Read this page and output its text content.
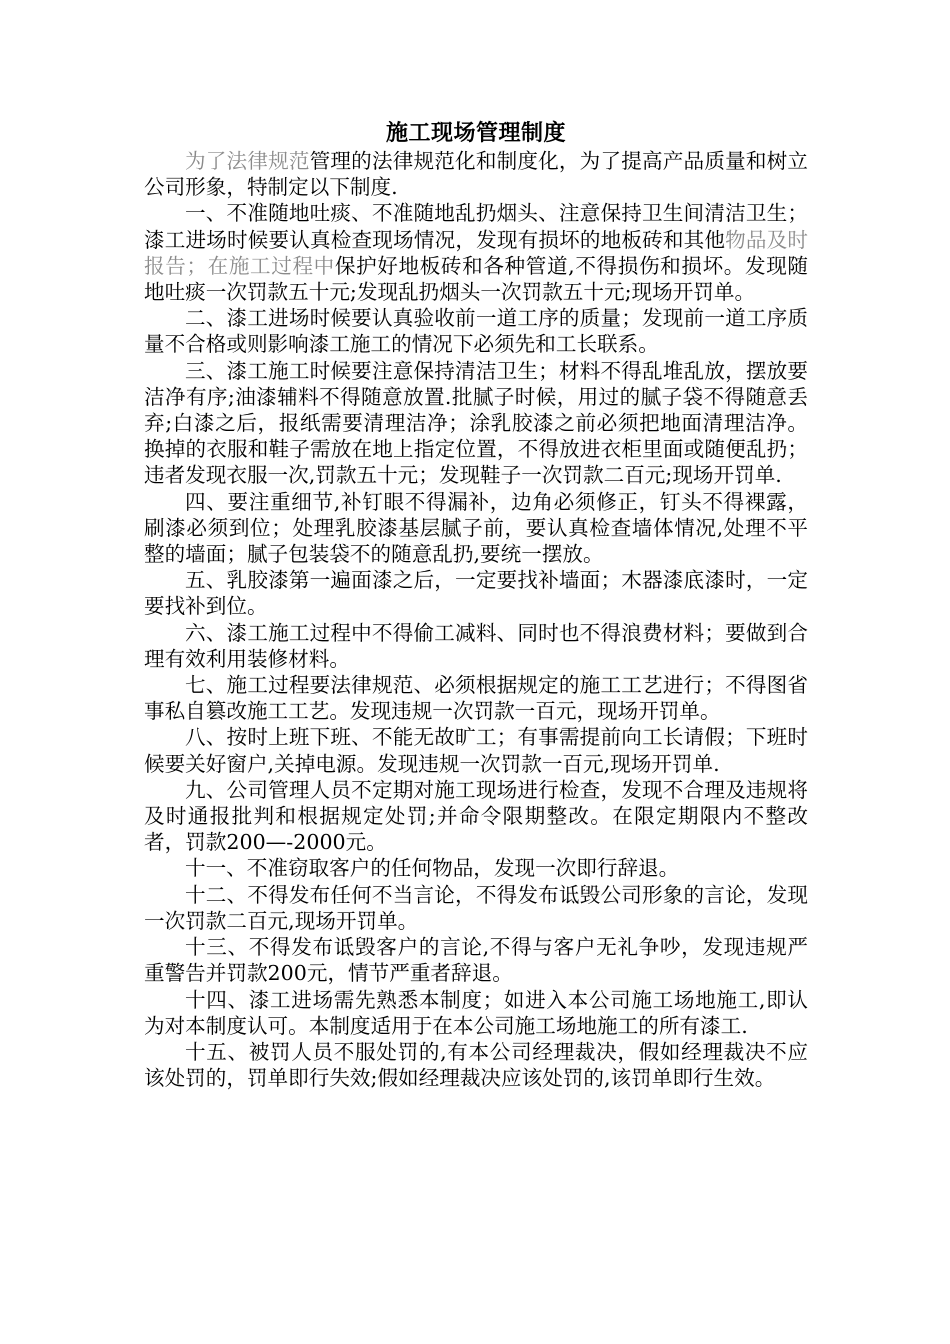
施工现场管理制度

为了法律规范管理的法律规范化和制度化，为了提高产品质量和树立公司形象，特制定以下制度.

一、不准随地吐痰、不准随地乱扔烟头、注意保持卫生间清洁卫生；漆工进场时候要认真检查现场情况，发现有损坏的地板砖和其他物品及时报告；在施工过程中保护好地板砖和各种管道,不得损伤和损坏。发现随地吐痰一次罚款五十元;发现乱扔烟头一次罚款五十元;现场开罚单。

二、漆工进场时候要认真验收前一道工序的质量；发现前一道工序质量不合格或则影响漆工施工的情况下必须先和工长联系。

三、漆工施工时候要注意保持清洁卫生；材料不得乱堆乱放，摆放要洁净有序;油漆辅料不得随意放置.批腻子时候，用过的腻子袋不得随意丢弃;白漆之后，报纸需要清理洁净；涂乳胶漆之前必须把地面清理洁净。换掉的衣服和鞋子需放在地上指定位置，不得放进衣柜里面或随便乱扔；违者发现衣服一次,罚款五十元；发现鞋子一次罚款二百元;现场开罚单.

四、要注重细节,补钉眼不得漏补，边角必须修正，钉头不得裸露，刷漆必须到位；处理乳胶漆基层腻子前，要认真检查墙体情况,处理不平整的墙面；腻子包装袋不的随意乱扔,要统一摆放。

五、乳胶漆第一遍面漆之后，一定要找补墙面；木器漆底漆时，一定要找补到位。

六、漆工施工过程中不得偷工减料、同时也不得浪费材料；要做到合理有效利用装修材料。

七、施工过程要法律规范、必须根据规定的施工工艺进行；不得图省事私自篡改施工工艺。发现违规一次罚款一百元，现场开罚单。

八、按时上班下班、不能无故旷工；有事需提前向工长请假；下班时候要关好窗户,关掉电源。发现违规一次罚款一百元,现场开罚单.

九、公司管理人员不定期对施工现场进行检查，发现不合理及违规将及时通报批判和根据规定处罚;并命令限期整改。在限定期限内不整改者，罚款200—-2000元。

十一、不准窃取客户的任何物品，发现一次即行辞退。

十二、不得发布任何不当言论，不得发布诋毁公司形象的言论，发现一次罚款二百元,现场开罚单。

十三、不得发布诋毁客户的言论,不得与客户无礼争吵，发现违规严重警告并罚款200元，情节严重者辞退。

十四、漆工进场需先熟悉本制度；如进入本公司施工场地施工,即认为对本制度认可。本制度适用于在本公司施工场地施工的所有漆工.

十五、被罚人员不服处罚的,有本公司经理裁决，假如经理裁决不应该处罚的，罚单即行失效;假如经理裁决应该处罚的,该罚单即行生效。
